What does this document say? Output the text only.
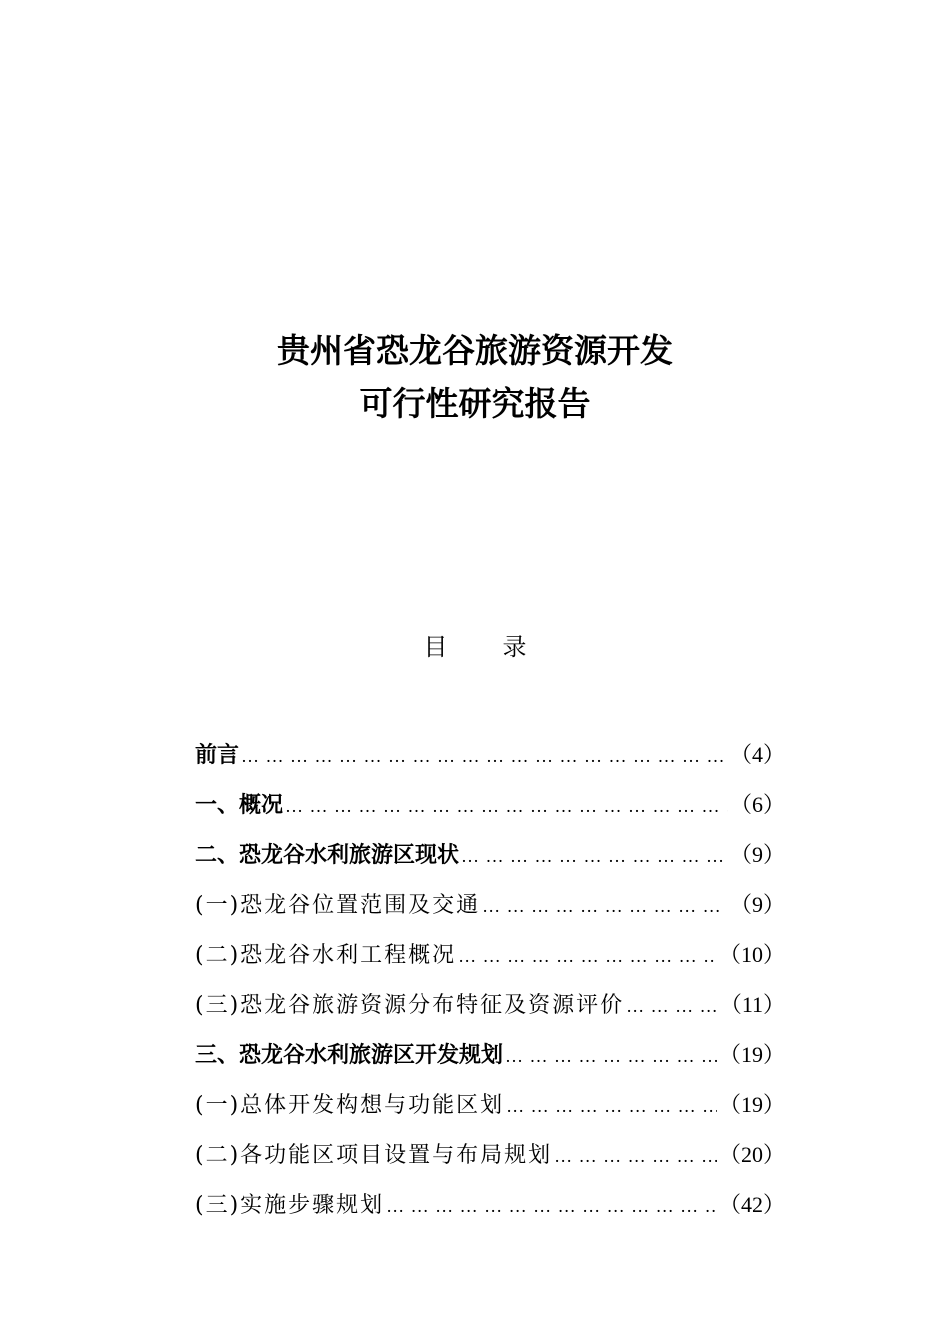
贵州省恐龙谷旅游资源开发
可行性研究报告
目录
前言 … … … … … … … … … … … … … … … … … … … … … … … … … … … … … … … … … … … … … … … … … …	（4）
一、概况 … … … … … … … … … … … … … … … … … … … … … … … … … … … … … … … … … … … … … … … … … …	（6）
二、恐龙谷水利旅游区现状 … … … … … … … … … … … … … … … … … … … … … … … … … … … … … … … … … … … … … … … … … …	（9）
(一)恐龙谷位置范围及交通 … … … … … … … … … … … … … … … … … … … … … … … … … … … … … … … … … … … … … … … … … …	（9）
(二)恐龙谷水利工程概况 … … … … … … … … … … … … … … … … … … … … … … … … … … … … … … … … … … … … … … … … … …	（10）
(三)恐龙谷旅游资源分布特征及资源评价 … … … … … … … … … … … … … … … … … … … … … … … … … … … … … … … … … … … … … … … … … …	（11）
三、恐龙谷水利旅游区开发规划 … … … … … … … … … … … … … … … … … … … … … … … … … … … … … … … … … … … … … … … … … …	（19）
(一)总体开发构想与功能区划 … … … … … … … … … … … … … … … … … … … … … … … … … … … … … … … … … … … … … … … … … …	（19）
(二)各功能区项目设置与布局规划 … … … … … … … … … … … … … … … … … … … … … … … … … … … … … … … … … … … … … … … … … …	（20）
(三)实施步骤规划 … … … … … … … … … … … … … … … … … … … … … … … … … … … … … … … … … … … … … … … … … …	（42）
